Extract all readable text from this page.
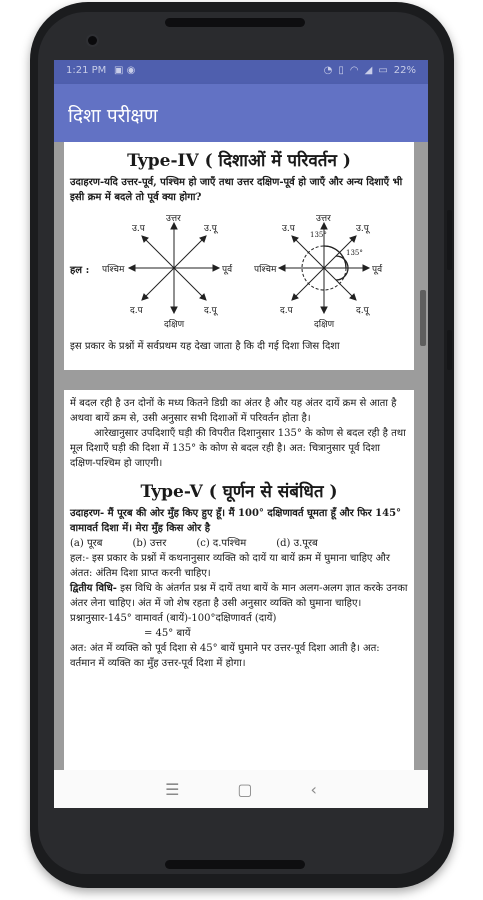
1:21 PM ▣ ◉	◔ ▯ ◠ ◢ ▭ 22%
दिशा परीक्षण
Type-IV ( दिशाओं में परिवर्तन )
उदाहरण-यदि उत्तर-पूर्व, पश्चिम हो जाएँ तथा उत्तर दक्षिण-पूर्व हो जाएँ और अन्य दिशाएँ भी इसी क्रम में बदले तो पूर्व क्या होगा?
उत्तर
उ.प	उ.पू
हल : पश्चिम	पूर्व
द.प	द.पू
दक्षिण
उत्तर
उ.प	उ.पू
135°
135°
पश्चिम	पूर्व
द.प	द.पू
दक्षिण
इस प्रकार के प्रश्नों में सर्वप्रथम यह देखा जाता है कि दी गई दिशा जिस दिशा
में बदल रही है उन दोनों के मध्य कितने डिग्री का अंतर है और यह अंतर दायें क्रम से आता है अथवा बायें क्रम से, उसी अनुसार सभी दिशाओं में परिवर्तन होता है।
आरेखानुसार उपदिशाएँ घड़ी की विपरीत दिशानुसार 135° के कोण से बदल रही है तथा मूल दिशाएँ घड़ी की दिशा में 135° के कोण से बदल रही है। अत: चित्रानुसार पूर्व दिशा दक्षिण-पश्चिम हो जाएगी।
Type-V ( घूर्णन से संबंधित )
उदाहरण- मैं पूरब की ओर मुँह किए हुए हूँ। मैं 100° दक्षिणावर्त घूमता हूँ और फिर 145° वामावर्त दिशा में। मेरा मुँह किस ओर है
(a) पूरब	(b) उत्तर	(c) द.पश्चिम	(d) उ.पूरब
हल:- इस प्रकार के प्रश्नों में कथनानुसार व्यक्ति को दायें या बायें क्रम में घुमाना चाहिए और अंतत: अंतिम दिशा प्राप्त करनी चाहिए।
द्वितीय विधि- इस विधि के अंतर्गत प्रश्न में दायें तथा बायें के मान अलग-अलग ज्ञात करके उनका अंतर लेना चाहिए। अंत में जो शेष रहता है उसी अनुसार व्यक्ति को घुमाना चाहिए।
प्रश्नानुसार-145° वामावर्त (बायें)-100°दक्षिणावर्त (दायें)
= 45° बायें
अत: अंत में व्यक्ति को पूर्व दिशा से 45° बायें घुमाने पर उत्तर-पूर्व दिशा आती है। अत: वर्तमान में व्यक्ति का मुँह उत्तर-पूर्व दिशा में होगा।
☰	▢	‹
